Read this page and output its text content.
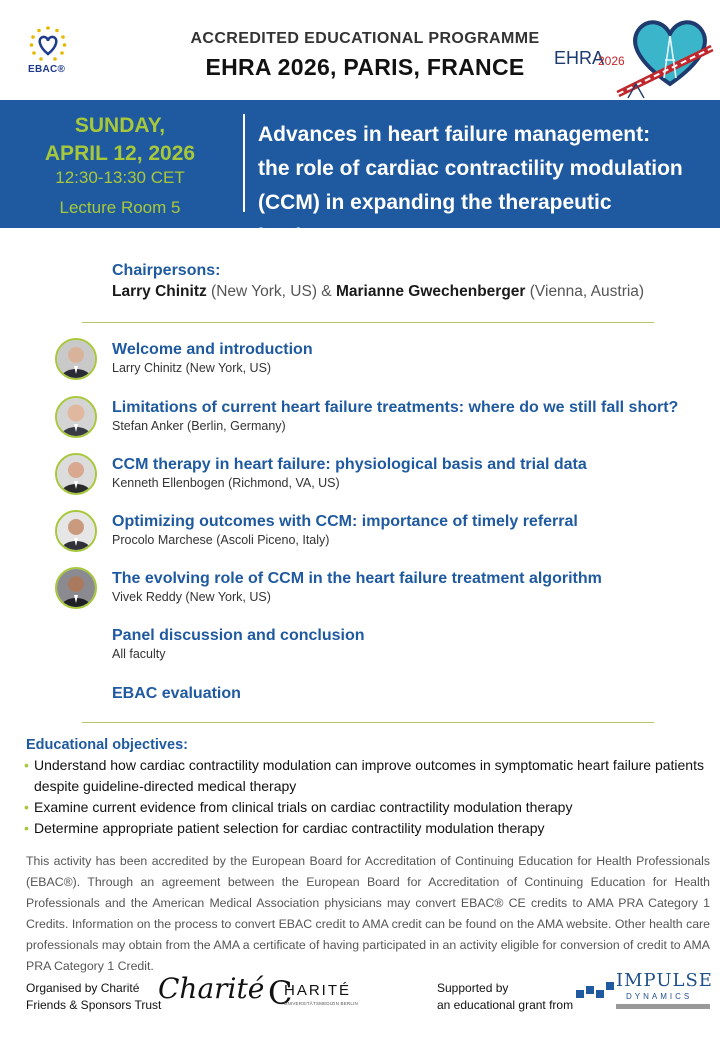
EBAC®
ACCREDITED EDUCATIONAL PROGRAMME
EHRA 2026, PARIS, FRANCE	EHRA
2026
SUNDAY,
APRIL 12, 2026
12:30-13:30 CET
Lecture Room 5
Advances in heart failure management:
the role of cardiac contractility modulation
(CCM) in expanding the therapeutic landscape
Chairpersons:
Larry Chinitz (New York, US) & Marianne Gwechenberger (Vienna, Austria)
Welcome and introduction
Larry Chinitz (New York, US)
Limitations of current heart failure treatments: where do we still fall short?
Stefan Anker (Berlin, Germany)
CCM therapy in heart failure: physiological basis and trial data
Kenneth Ellenbogen (Richmond, VA, US)
Optimizing outcomes with CCM: importance of timely referral
Procolo Marchese (Ascoli Piceno, Italy)
The evolving role of CCM in the heart failure treatment algorithm
Vivek Reddy (New York, US)
Panel discussion and conclusion
All faculty
EBAC evaluation
Educational objectives:
• Understand how cardiac contractility modulation can improve outcomes in symptomatic heart failure patients
despite guideline-directed medical therapy
• Examine current evidence from clinical trials on cardiac contractility modulation therapy
• Determine appropriate patient selection for cardiac contractility modulation therapy
This activity has been accredited by the European Board for Accreditation of Continuing Education for Health Professionals (EBAC®). Through an agreement between the European Board for Accreditation of Continuing Education for Health Professionals and the American Medical Association physicians may convert EBAC® CE credits to AMA PRA Category 1 Credits. Information on the process to convert EBAC credit to AMA credit can be found on the AMA website. Other health care professionals may obtain from the AMA a certificate of having participated in an activity eligible for conversion of credit to AMA PRA Category 1 Credit.
Organised by Charité
Friends & Sponsors Trust
Charité C
HARITÉ
UNIVERSITÄTSMEDIZIN BERLIN
Supported by
an educational grant from
IMPULSE
DYNAMICS
